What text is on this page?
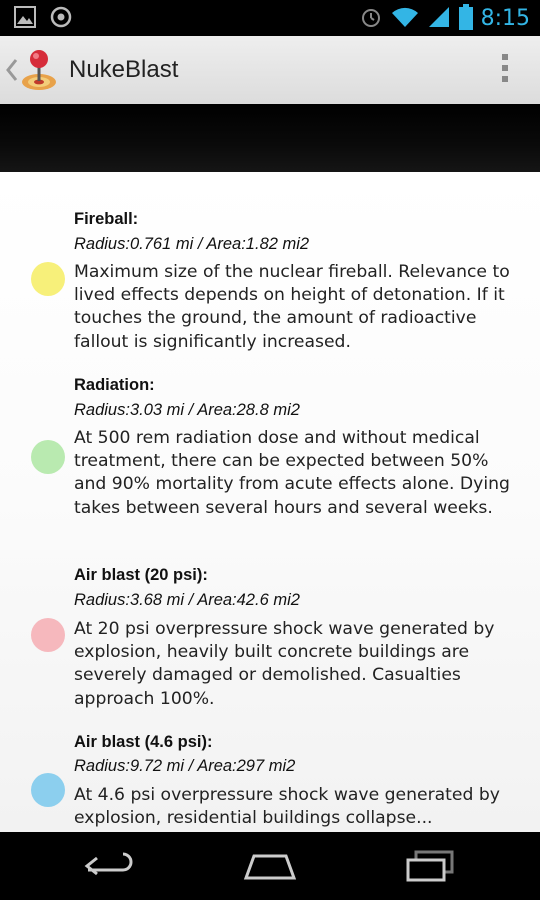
8:15
NukeBlast
Fireball:
Radius:0.761 mi / Area:1.82 mi2
Maximum size of the nuclear fireball. Relevance to lived effects depends on height of detonation. If it touches the ground, the amount of radioactive fallout is significantly increased.
Radiation:
Radius:3.03 mi / Area:28.8 mi2
At 500 rem radiation dose and without medical treatment, there can be expected between 50% and 90% mortality from acute effects alone. Dying takes between several hours and several weeks.
Air blast (20 psi):
Radius:3.68 mi / Area:42.6 mi2
At 20 psi overpressure shock wave generated by explosion, heavily built concrete buildings are severely damaged or demolished. Casualties approach 100%.
Air blast (4.6 psi):
Radius:9.72 mi / Area:297 mi2
At 4.6 psi overpressure shock wave generated by explosion, residential buildings collapse...
